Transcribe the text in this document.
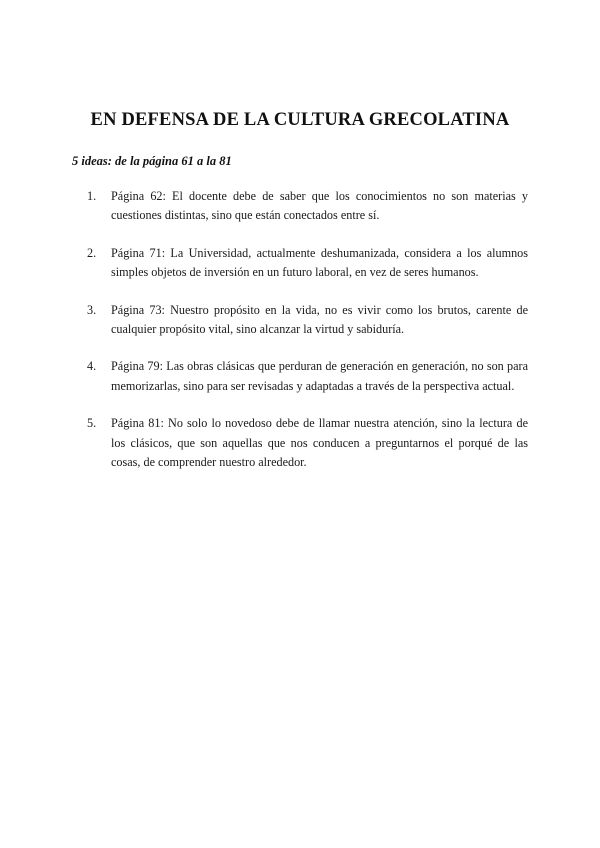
EN DEFENSA DE LA CULTURA GRECOLATINA
5 ideas: de la página 61 a la 81
1. Página 62: El docente debe de saber que los conocimientos no son materias y cuestiones distintas, sino que están conectados entre sí.
2. Página 71: La Universidad, actualmente deshumanizada, considera a los alumnos simples objetos de inversión en un futuro laboral, en vez de seres humanos.
3. Página 73: Nuestro propósito en la vida, no es vivir como los brutos, carente de cualquier propósito vital, sino alcanzar la virtud y sabiduría.
4. Página 79: Las obras clásicas que perduran de generación en generación, no son para memorizarlas, sino para ser revisadas y adaptadas a través de la perspectiva actual.
5. Página 81: No solo lo novedoso debe de llamar nuestra atención, sino la lectura de los clásicos, que son aquellas que nos conducen a preguntarnos el porqué de las cosas, de comprender nuestro alrededor.
